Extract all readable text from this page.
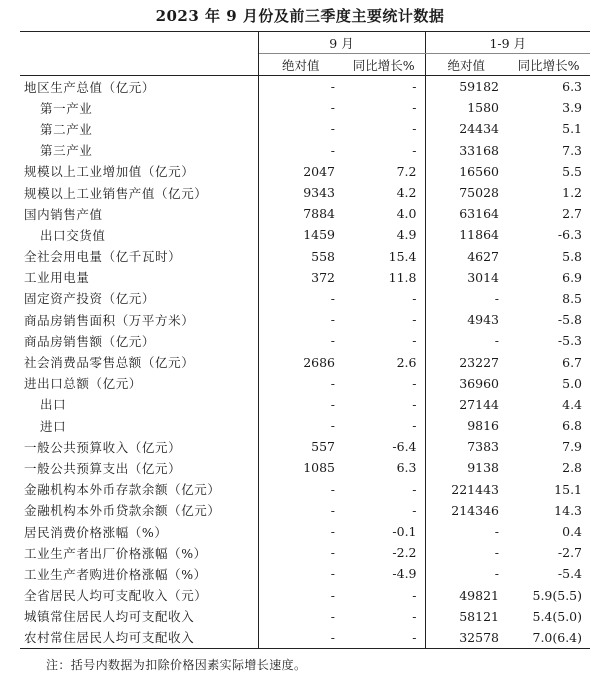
2023 年 9 月份及前三季度主要统计数据
	9 月		1-9 月	
	绝对值	同比增长%	绝对值	同比增长%
地区生产总值（亿元）	-	-	59182	6.3
第一产业	-	-	1580	3.9
第二产业	-	-	24434	5.1
第三产业	-	-	33168	7.3
规模以上工业增加值（亿元）	2047	7.2	16560	5.5
规模以上工业销售产值（亿元）	9343	4.2	75028	1.2
国内销售产值	7884	4.0	63164	2.7
出口交货值	1459	4.9	11864	-6.3
全社会用电量（亿千瓦时）	558	15.4	4627	5.8
工业用电量	372	11.8	3014	6.9
固定资产投资（亿元）	-	-	-	8.5
商品房销售面积（万平方米）	-	-	4943	-5.8
商品房销售额（亿元）	-	-	-	-5.3
社会消费品零售总额（亿元）	2686	2.6	23227	6.7
进出口总额（亿元）	-	-	36960	5.0
出口	-	-	27144	4.4
进口	-	-	9816	6.8
一般公共预算收入（亿元）	557	-6.4	7383	7.9
一般公共预算支出（亿元）	1085	6.3	9138	2.8
金融机构本外币存款余额（亿元）	-	-	221443	15.1
金融机构本外币贷款余额（亿元）	-	-	214346	14.3
居民消费价格涨幅（%）	-	-0.1	-	0.4
工业生产者出厂价格涨幅（%）	-	-2.2	-	-2.7
工业生产者购进价格涨幅（%）	-	-4.9	-	-5.4
全省居民人均可支配收入（元）	-	-	49821	5.9(5.5)
城镇常住居民人均可支配收入	-	-	58121	5.4(5.0)
农村常住居民人均可支配收入	-	-	32578	7.0(6.4)
注：括号内数据为扣除价格因素实际增长速度。
